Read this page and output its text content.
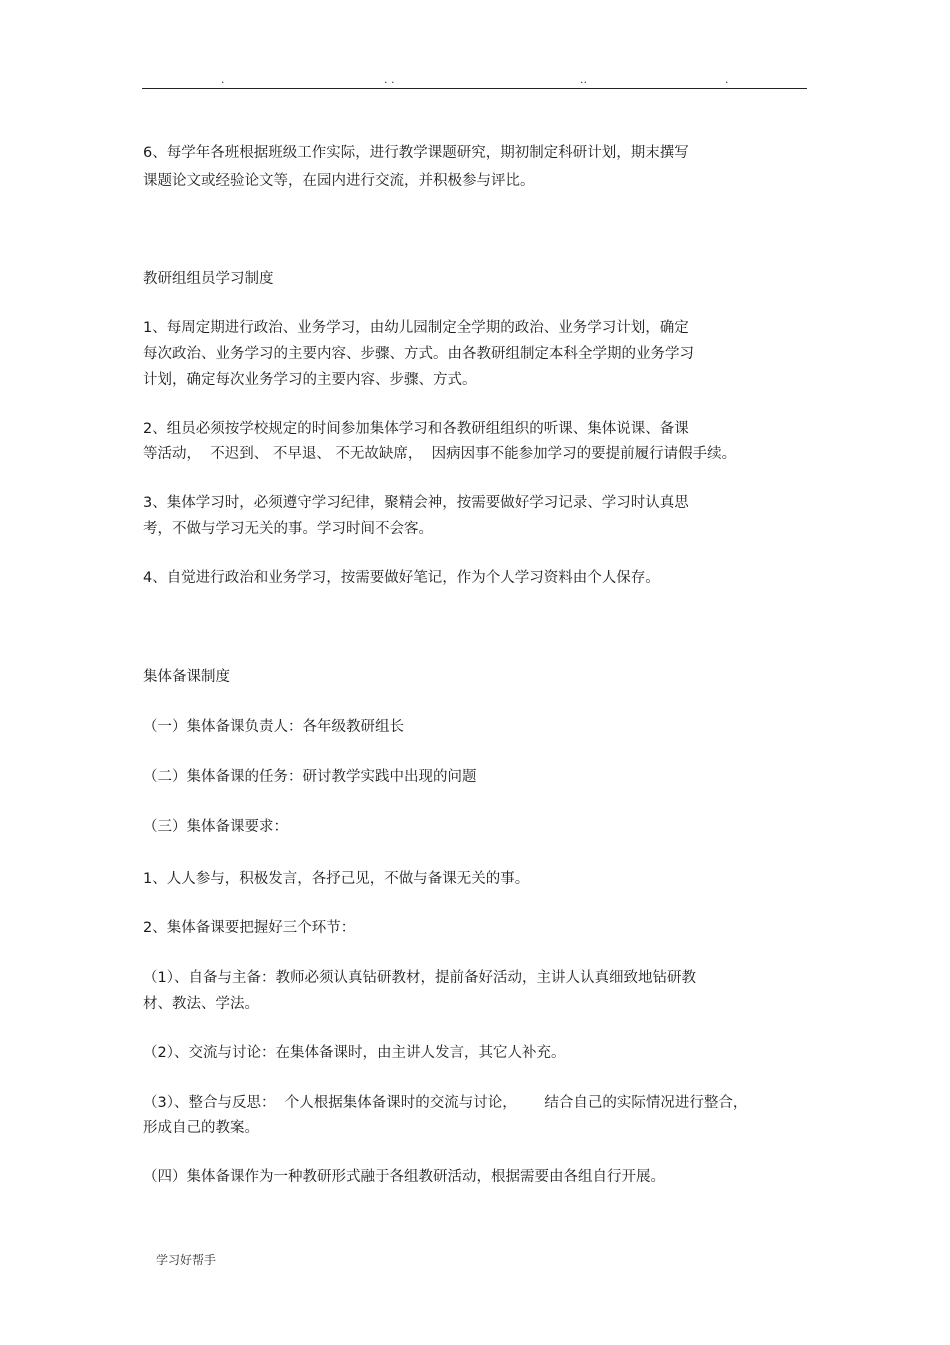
.	. .	..	.
6、每学年各班根据班级工作实际，进行教学课题研究，期初制定科研计划，期末撰写
课题论文或经验论文等，在园内进行交流，并积极参与评比。
教研组组员学习制度
1、每周定期进行政治、业务学习，由幼儿园制定全学期的政治、业务学习计划，确定
每次政治、业务学习的主要内容、步骤、方式。由各教研组制定本科全学期的业务学习
计划，确定每次业务学习的主要内容、步骤、方式。
2、组员必须按学校规定的时间参加集体学习和各教研组组织的听课、集体说课、备课
等活动，  不迟到、 不早退、 不无故缺席，  因病因事不能参加学习的要提前履行请假手续。
3、集体学习时，必须遵守学习纪律，聚精会神，按需要做好学习记录、学习时认真思
考，不做与学习无关的事。学习时间不会客。
4、自觉进行政治和业务学习，按需要做好笔记，作为个人学习资料由个人保存。
集体备课制度
（一）集体备课负责人：各年级教研组长
（二）集体备课的任务：研讨教学实践中出现的问题
（三）集体备课要求：
1、人人参与，积极发言，各抒己见，不做与备课无关的事。
2、集体备课要把握好三个环节：
（1）、自备与主备：教师必须认真钻研教材，提前备好活动，主讲人认真细致地钻研教
材、教法、学法。
（2）、交流与讨论：在集体备课时，由主讲人发言，其它人补充。
（3）、整合与反思：  个人根据集体备课时的交流与讨论，      结合自己的实际情况进行整合，
形成自己的教案。
（四）集体备课作为一种教研形式融于各组教研活动，根据需要由各组自行开展。
学习好帮手
